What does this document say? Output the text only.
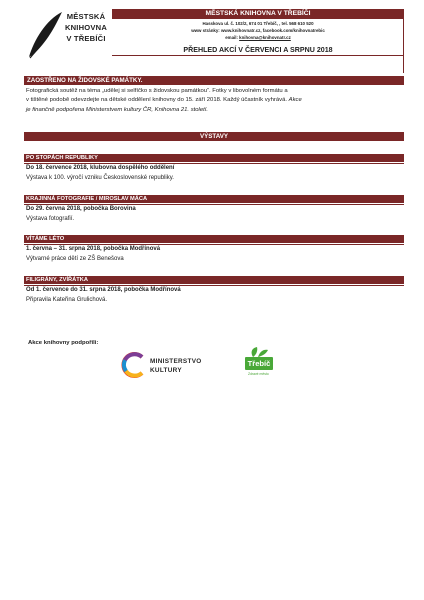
MĚSTSKÁ
KNIHOVNA
V TŘEBÍČI
MĚSTSKÁ KNIHOVNA V TŘEBÍČI
Hasskova ul. č. 102/2, 674 01 Třebíč, , tel. 568 610 520
www stránky: www.knihovnatr.cz, facebook.com/knihovnatrebic
email: knihovna@knihovnatr.cz
PŘEHLED AKCÍ V ČERVENCI A SRPNU 2018
ZAOSTŘENO NA ŽIDOVSKÉ PAMÁTKY.
Fotografická soutěž na téma „udělej si selfíčko s židovskou památkou“. Fotky v libovolném formátu a
v tištěné podobě odevzdejte na dětské oddělení knihovny do 15. září 2018. Každý účastník vyhrává. Akce
je finančně podpořena Ministerstvem kultury ČR, Knihovna 21. století.
VÝSTAVY
PO STOPÁCH REPUBLIKY
Do 18. července 2018, klubovna dospělého oddělení
Výstava k 100. výročí vzniku Československé republiky.
KRAJINNÁ FOTOGRAFIE / MIROSLAV MÁCA
Do 29. června 2018, pobočka Borovina
Výstava fotografií.
VÍTÁME LÉTO
1. června – 31. srpna 2018, pobočka Modřínová
Výtvarné práce dětí ze ZŠ Benešova
FILIGRÁNY, ZVÍŘÁTKA
Od 1. července do 31. srpna 2018, pobočka Modřínová
Připravila Kateřina Grulichová.
Akce knihovny podpořili:
MINISTERSTVO
KULTURY
Třebíč
Zdravé město
